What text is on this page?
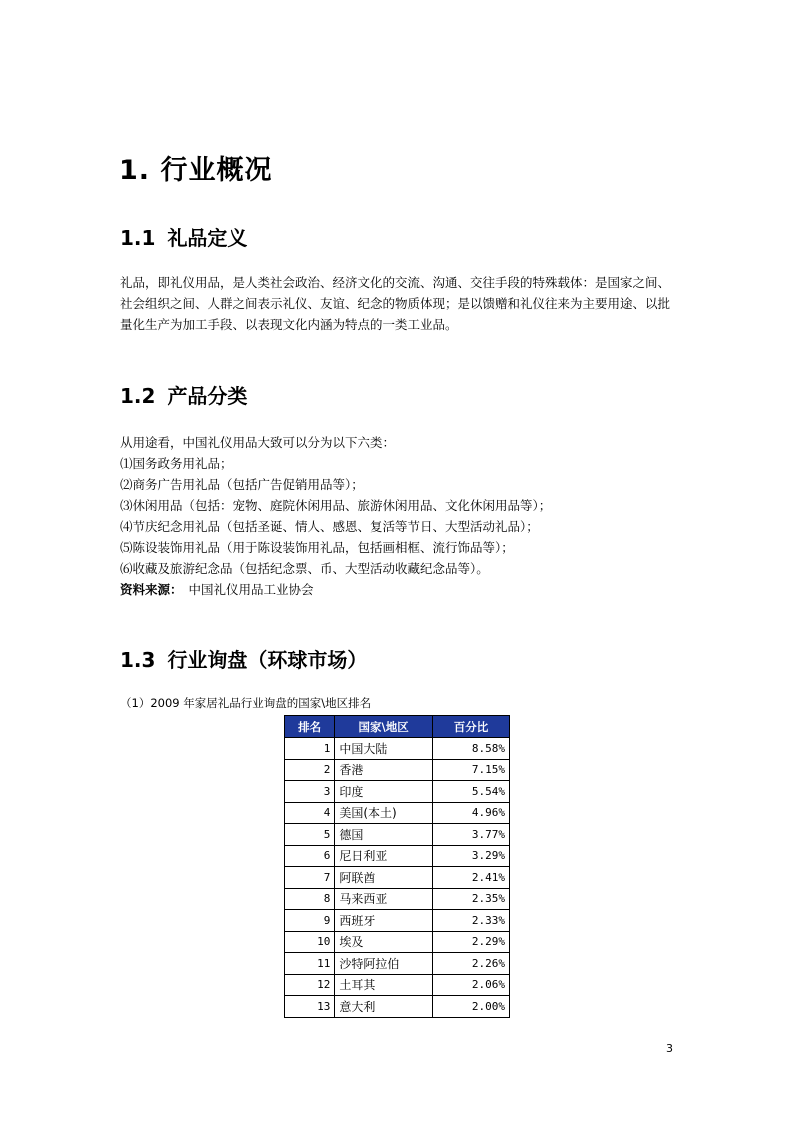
1. 行业概况
1.1 礼品定义

礼品，即礼仪用品，是人类社会政治、经济文化的交流、沟通、交往手段的特殊载体：是国家之间、社会组织之间、人群之间表示礼仪、友谊、纪念的物质体现；是以馈赠和礼仪往来为主要用途、以批量化生产为加工手段、以表现文化内涵为特点的一类工业品。

1.2 产品分类
从用途看，中国礼仪用品大致可以分为以下六类：
⑴国务政务用礼品；
⑵商务广告用礼品（包括广告促销用品等）；
⑶休闲用品（包括：宠物、庭院休闲用品、旅游休闲用品、文化休闲用品等）；
⑷节庆纪念用礼品（包括圣诞、情人、感恩、复活等节日、大型活动礼品）；
⑸陈设装饰用礼品（用于陈设装饰用礼品，包括画相框、流行饰品等）；
⑹收藏及旅游纪念品（包括纪念票、币、大型活动收藏纪念品等）。
资料来源： 中国礼仪用品工业协会
1.3 行业询盘（环球市场）
（1）2009 年家居礼品行业询盘的国家\地区排名
排名	国家\地区	百分比
1	中国大陆	8.58%
2	香港	7.15%
3	印度	5.54%
4	美国(本土)	4.96%
5	德国	3.77%
6	尼日利亚	3.29%
7	阿联酋	2.41%
8	马来西亚	2.35%
9	西班牙	2.33%
10	埃及	2.29%
11	沙特阿拉伯	2.26%
12	土耳其	2.06%
13	意大利	2.00%
3
